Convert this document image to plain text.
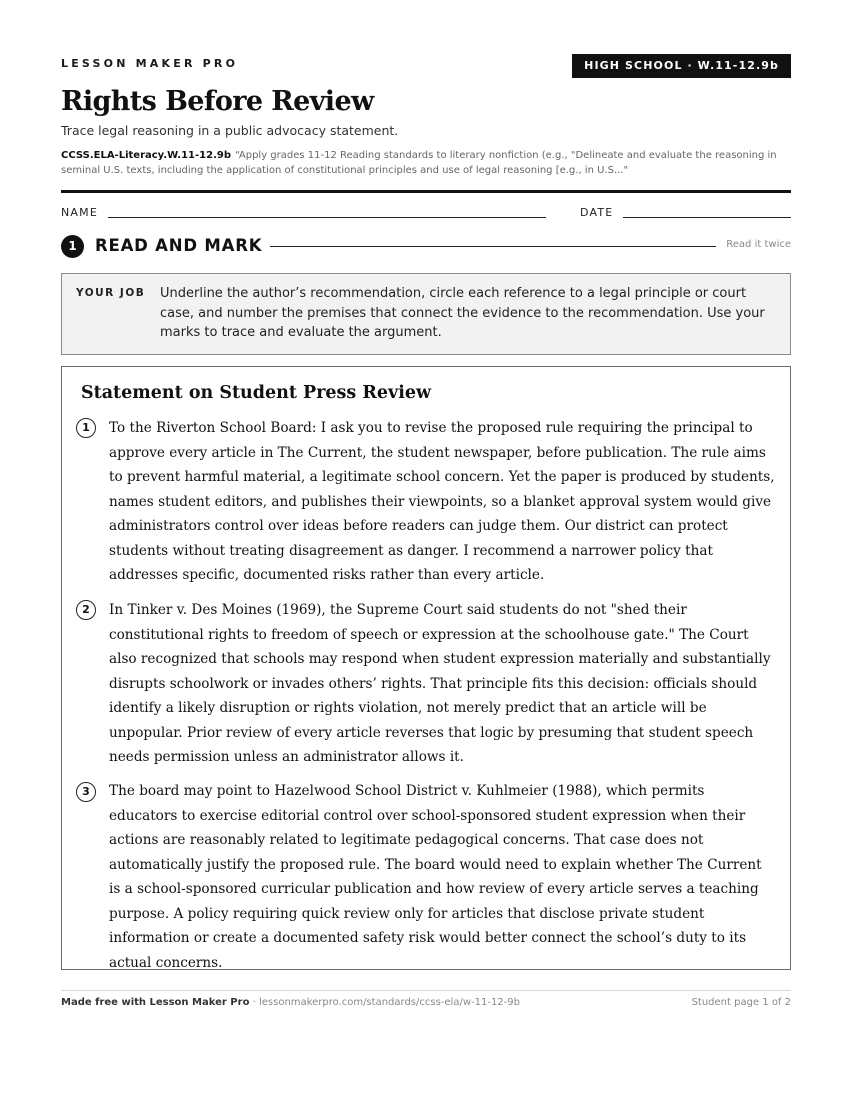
LESSON MAKER PRO	HIGH SCHOOL · W.11-12.9b
Rights Before Review
Trace legal reasoning in a public advocacy statement.
CCSS.ELA-Literacy.W.11-12.9b “Apply grades 11-12 Reading standards to literary nonfiction (e.g., "Delineate and evaluate the reasoning in seminal U.S. texts, including the application of constitutional principles and use of legal reasoning [e.g., in U.S..."
NAME	DATE
1	READ AND MARK	Read it twice
YOUR JOB Underline the author’s recommendation, circle each reference to a legal principle or court case, and number the premises that connect the evidence to the recommendation. Use your marks to trace and evaluate the argument.
Statement on Student Press Review
1	To the Riverton School Board: I ask you to revise the proposed rule requiring the principal to approve every article in The Current, the student newspaper, before publication. The rule aims to prevent harmful material, a legitimate school concern. Yet the paper is produced by students, names student editors, and publishes their viewpoints, so a blanket approval system would give administrators control over ideas before readers can judge them. Our district can protect students without treating disagreement as danger. I recommend a narrower policy that addresses specific, documented risks rather than every article.

2	In Tinker v. Des Moines (1969), the Supreme Court said students do not "shed their constitutional rights to freedom of speech or expression at the schoolhouse gate." The Court also recognized that schools may respond when student expression materially and substantially disrupts schoolwork or invades others’ rights. That principle fits this decision: officials should identify a likely disruption or rights violation, not merely predict that an article will be unpopular. Prior review of every article reverses that logic by presuming that student speech needs permission unless an administrator allows it.

3	The board may point to Hazelwood School District v. Kuhlmeier (1988), which permits educators to exercise editorial control over school-sponsored student expression when their actions are reasonably related to legitimate pedagogical concerns. That case does not automatically justify the proposed rule. The board would need to explain whether The Current is a school-sponsored curricular publication and how review of every article serves a teaching purpose. A policy requiring quick review only for articles that disclose private student information or create a documented safety risk would better connect the school’s duty to its actual concerns.

Made free with Lesson Maker Pro · lessonmakerpro.com/standards/ccss-ela/w-11-12-9b	Student page 1 of 2
